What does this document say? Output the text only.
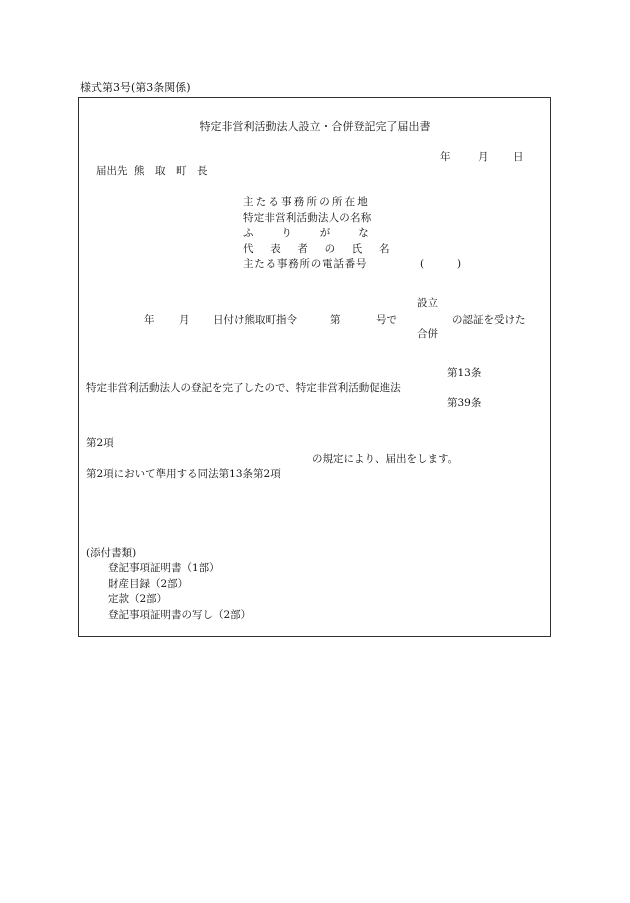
様式第3号(第3条関係)
特定非営利活動法人設立・合併登記完了届出書
年	月 日
届出先 熊　取　町　長
主たる事務所の所在地
特定非営利活動法人の名称
ふ　　り　　が　　な
代　表　者　の　氏　名
主たる事務所の電話番号	(	)
年 月 日付け熊取町指令	第	号で
設立
合併
の認証を受けた
第13条
特定非営利活動法人の登記を完了したので、特定非営利活動促進法
第39条
第2項
の規定により、届出をします。
第2項において準用する同法第13条第2項
(添付書類)
登記事項証明書（1部）
財産目録（2部）
定款（2部）
登記事項証明書の写し（2部）
